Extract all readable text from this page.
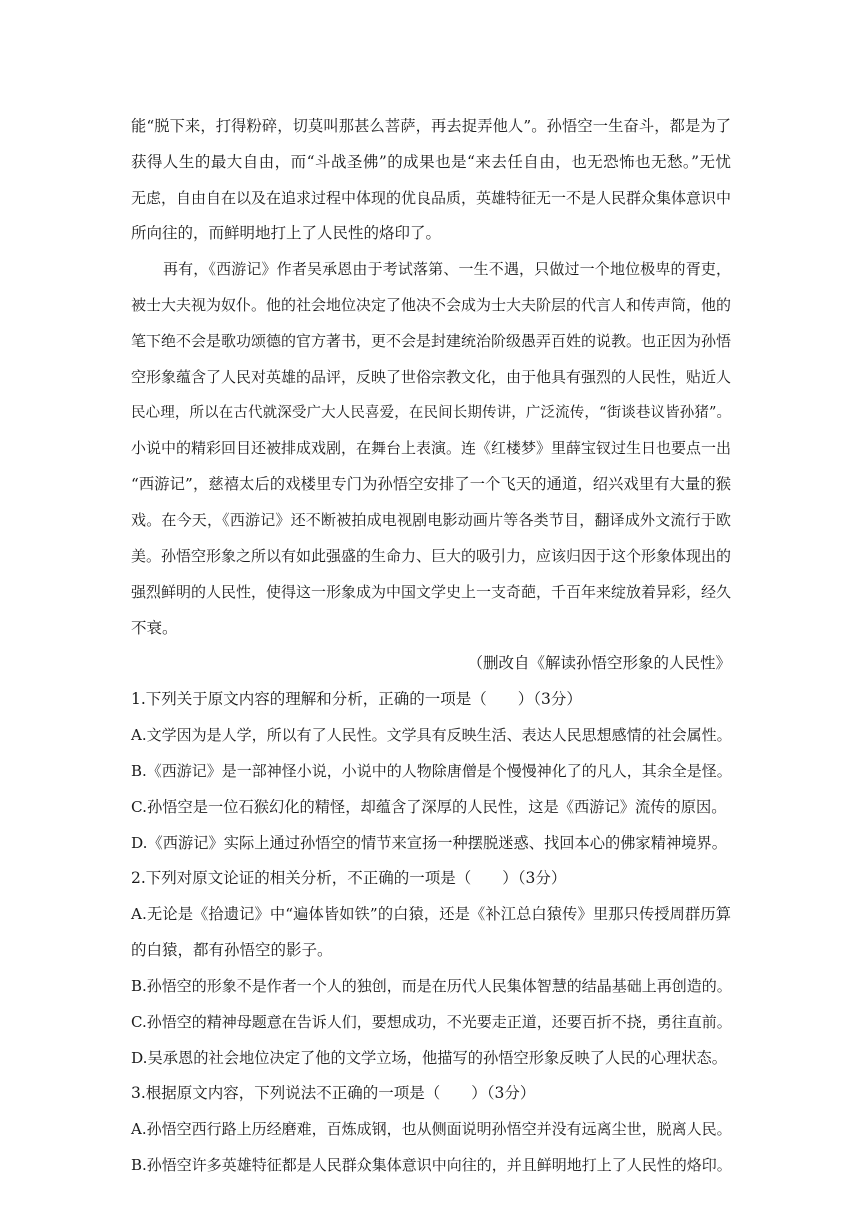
能“脱下来，打得粉碎，切莫叫那甚么菩萨，再去捉弄他人”。孙悟空一生奋斗，都是为了
获得人生的最大自由，而“斗战圣佛”的成果也是“来去任自由，也无恐怖也无愁。”无忧
无虑，自由自在以及在追求过程中体现的优良品质，英雄特征无一不是人民群众集体意识中
所向往的，而鲜明地打上了人民性的烙印了。
再有，《西游记》作者吴承恩由于考试落第、一生不遇，只做过一个地位极卑的胥吏，
被士大夫视为奴仆。他的社会地位决定了他决不会成为士大夫阶层的代言人和传声筒，他的
笔下绝不会是歌功颂德的官方著书，更不会是封建统治阶级愚弄百姓的说教。也正因为孙悟
空形象蕴含了人民对英雄的品评，反映了世俗宗教文化，由于他具有强烈的人民性，贴近人
民心理，所以在古代就深受广大人民喜爱，在民间长期传讲，广泛流传，“街谈巷议皆孙猪”。
小说中的精彩回目还被排成戏剧，在舞台上表演。连《红楼梦》里薛宝钗过生日也要点一出
“西游记”，慈禧太后的戏楼里专门为孙悟空安排了一个飞天的通道，绍兴戏里有大量的猴
戏。在今天，《西游记》还不断被拍成电视剧电影动画片等各类节目，翻译成外文流行于欧
美。孙悟空形象之所以有如此强盛的生命力、巨大的吸引力，应该归因于这个形象体现出的
强烈鲜明的人民性，使得这一形象成为中国文学史上一支奇葩，千百年来绽放着异彩，经久
不衰。
（删改自《解读孙悟空形象的人民性》
1.下列关于原文内容的理解和分析，正确的一项是（　　）（3分）
A.文学因为是人学，所以有了人民性。文学具有反映生活、表达人民思想感情的社会属性。
B.《西游记》是一部神怪小说，小说中的人物除唐僧是个慢慢神化了的凡人，其余全是怪。
C.孙悟空是一位石猴幻化的精怪，却蕴含了深厚的人民性，这是《西游记》流传的原因。
D.《西游记》实际上通过孙悟空的情节来宣扬一种摆脱迷惑、找回本心的佛家精神境界。
2.下列对原文论证的相关分析，不正确的一项是（　　）（3分）
A.无论是《拾遗记》中“遍体皆如铁”的白猿，还是《补江总白猿传》里那只传授周群历算
的白猿，都有孙悟空的影子。
B.孙悟空的形象不是作者一个人的独创，而是在历代人民集体智慧的结晶基础上再创造的。
C.孙悟空的精神母题意在告诉人们，要想成功，不光要走正道，还要百折不挠，勇往直前。
D.吴承恩的社会地位决定了他的文学立场，他描写的孙悟空形象反映了人民的心理状态。
3.根据原文内容，下列说法不正确的一项是（　　）（3分）
A.孙悟空西行路上历经磨难，百炼成钢，也从侧面说明孙悟空并没有远离尘世，脱离人民。
B.孙悟空许多英雄特征都是人民群众集体意识中向往的，并且鲜明地打上了人民性的烙印。
